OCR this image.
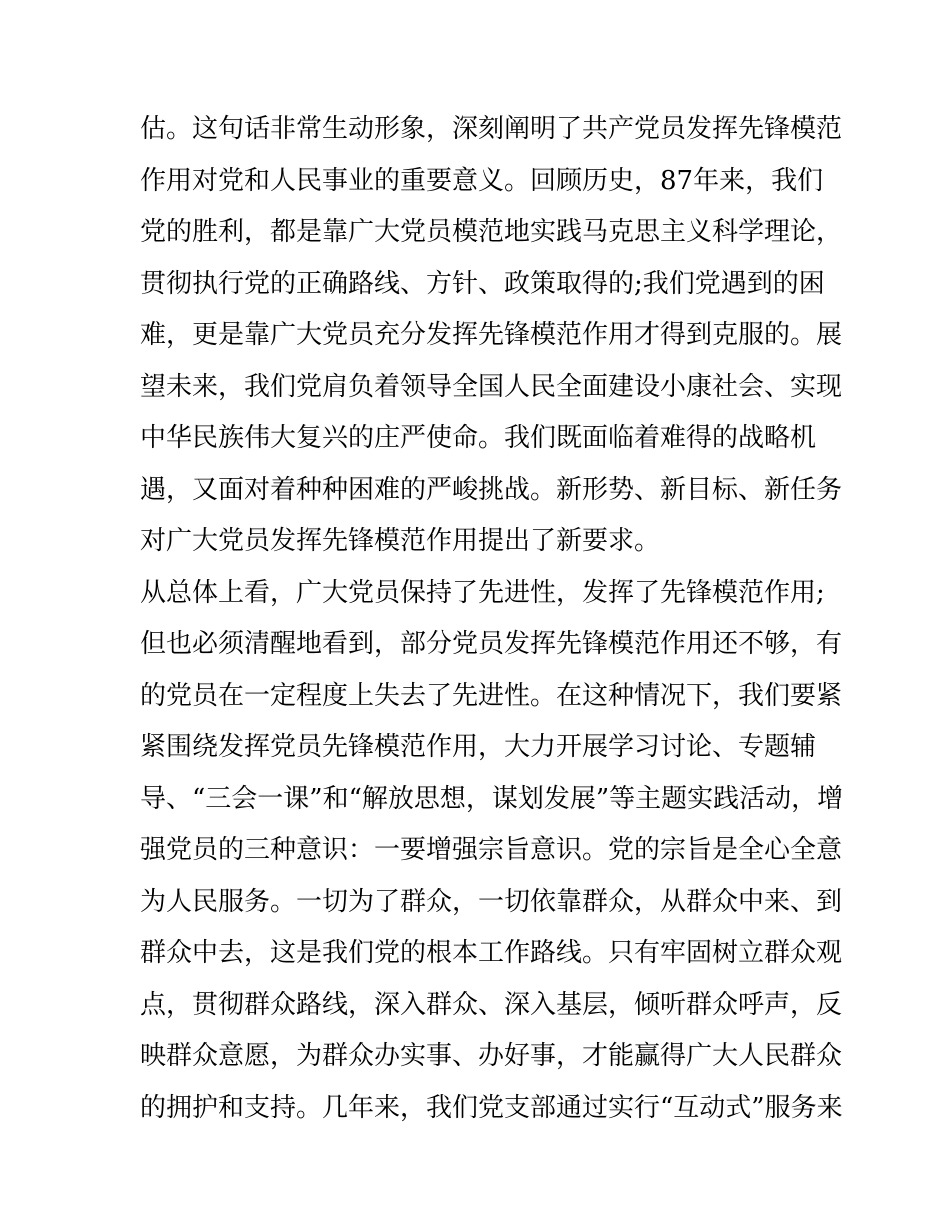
估。这句话非常生动形象，深刻阐明了共产党员发挥先锋模范
作用对党和人民事业的重要意义。回顾历史，87年来，我们
党的胜利，都是靠广大党员模范地实践马克思主义科学理论，
贯彻执行党的正确路线、方针、政策取得的;我们党遇到的困
难，更是靠广大党员充分发挥先锋模范作用才得到克服的。展
望未来，我们党肩负着领导全国人民全面建设小康社会、实现
中华民族伟大复兴的庄严使命。我们既面临着难得的战略机
遇，又面对着种种困难的严峻挑战。新形势、新目标、新任务
对广大党员发挥先锋模范作用提出了新要求。
从总体上看，广大党员保持了先进性，发挥了先锋模范作用;
但也必须清醒地看到，部分党员发挥先锋模范作用还不够，有
的党员在一定程度上失去了先进性。在这种情况下，我们要紧
紧围绕发挥党员先锋模范作用，大力开展学习讨论、专题辅
导、“三会一课”和“解放思想，谋划发展”等主题实践活动，增
强党员的三种意识：一要增强宗旨意识。党的宗旨是全心全意
为人民服务。一切为了群众，一切依靠群众，从群众中来、到
群众中去，这是我们党的根本工作路线。只有牢固树立群众观
点，贯彻群众路线，深入群众、深入基层，倾听群众呼声，反
映群众意愿，为群众办实事、办好事，才能赢得广大人民群众
的拥护和支持。几年来，我们党支部通过实行“互动式”服务来
